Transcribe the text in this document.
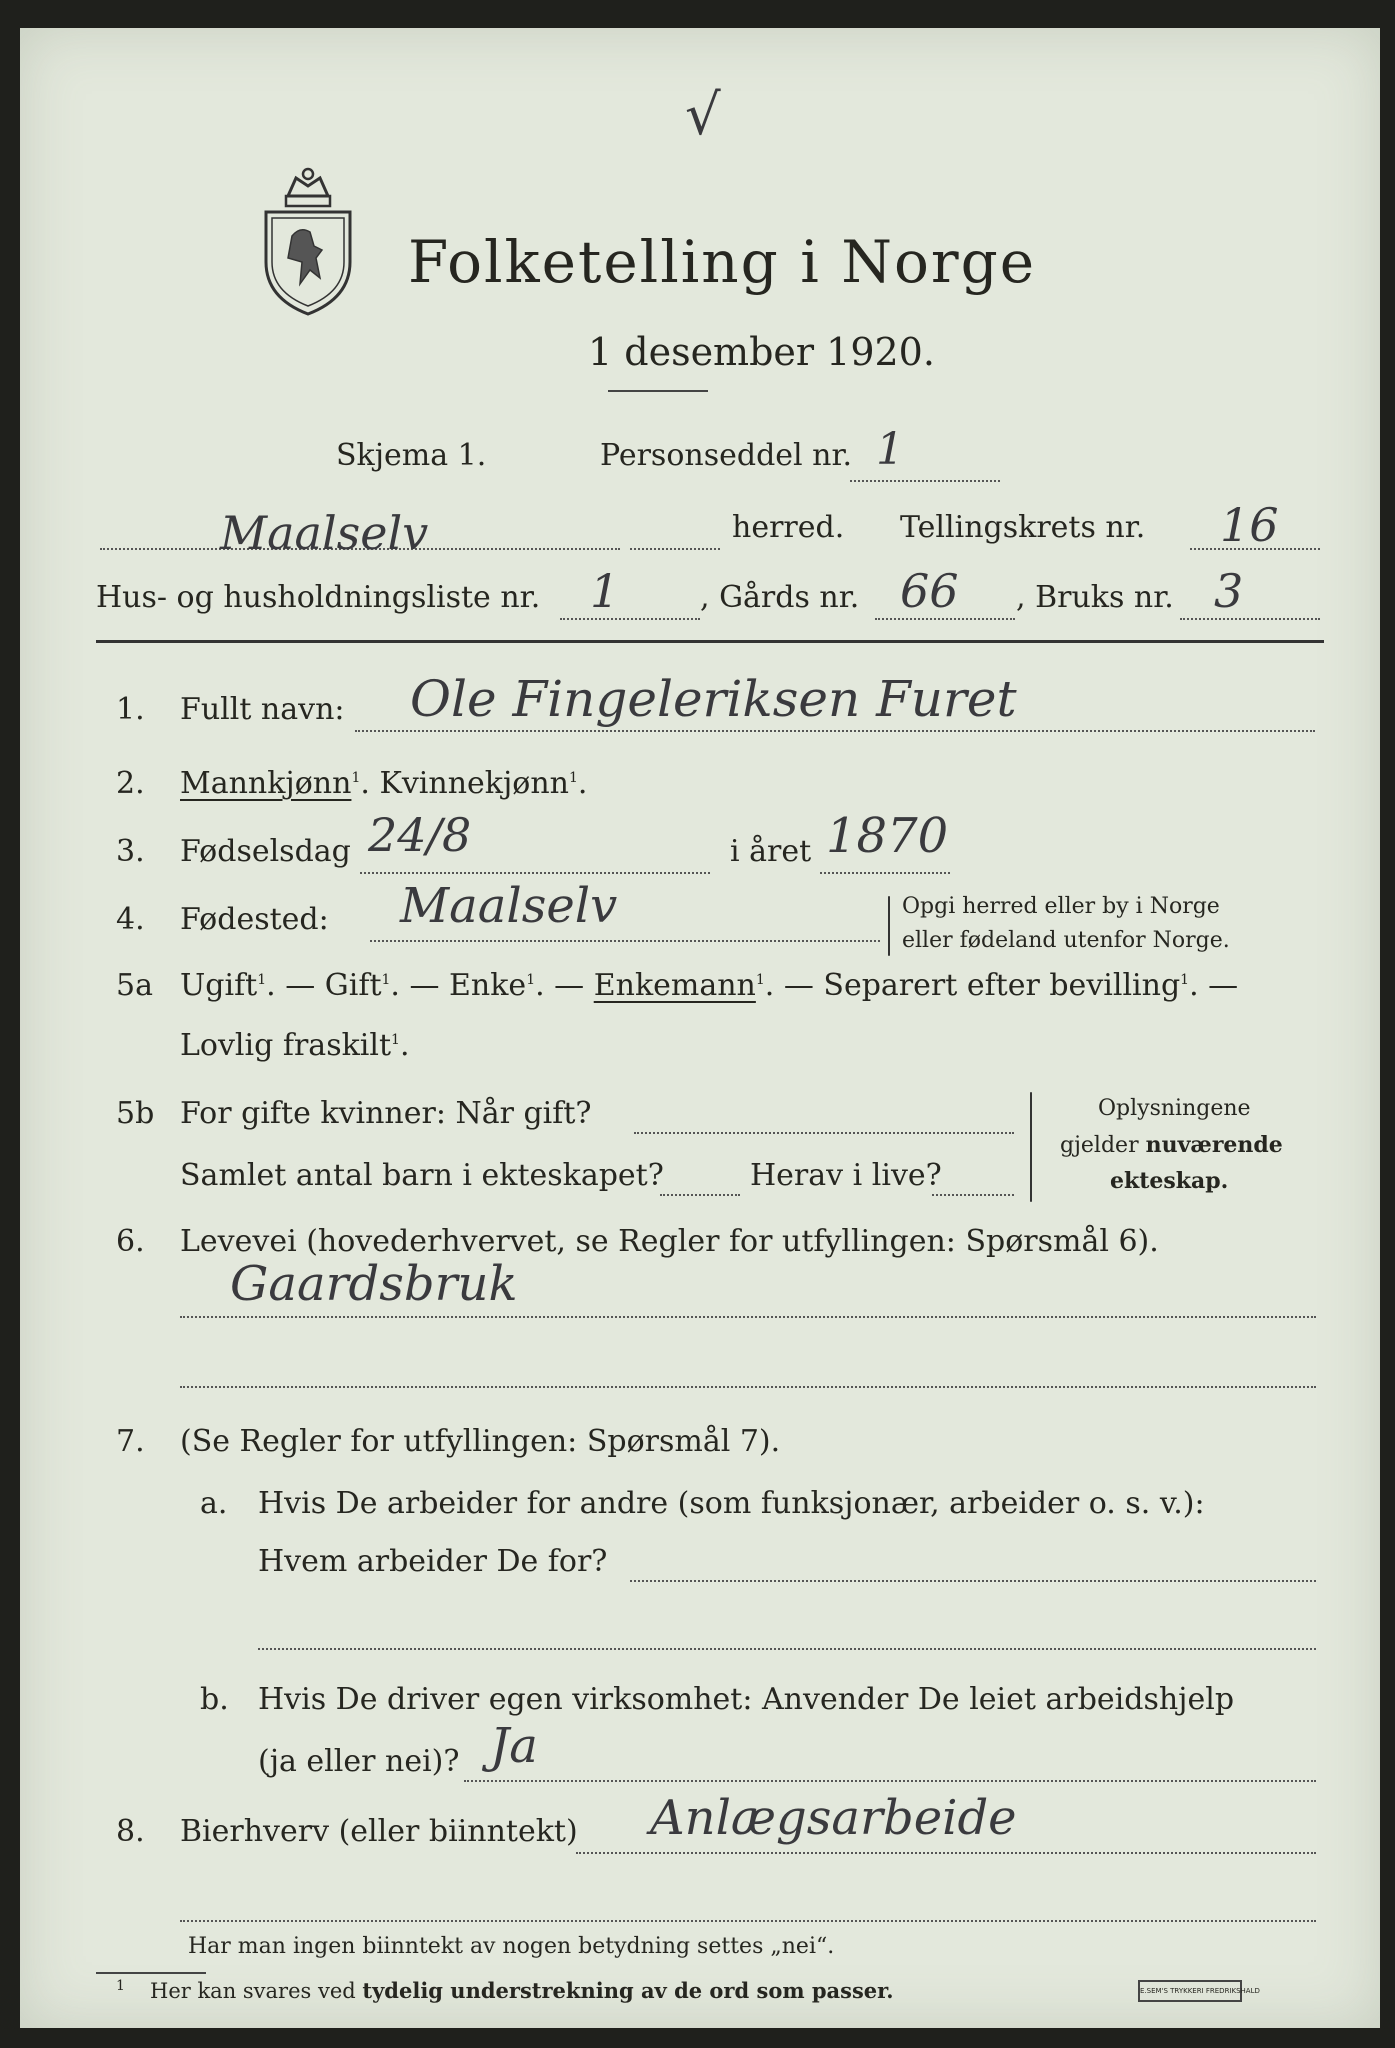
√
Folketelling i Norge
1 desember 1920.
Skjema 1.	Personseddel nr. 1
Maalselv	herred. Tellingskrets nr. 16
Hus- og husholdningsliste nr. 1	, Gårds nr. 66 , Bruks nr. 3
1. Fullt navn: Ole Fingeleriksen Furet
2. Mannkjønn$^1$. Kvinnekjønn$^1$.
3. Fødselsdag 24/8	i året 1870
4. Fødested: Maalselv	Opgi herred eller by i Norge
eller fødeland utenfor Norge.
5a Ugift$^1$. — Gift$^1$. — Enke$^1$. — Enkemann$^1$. — Separert efter bevilling$^1$. —
Lovlig fraskilt$^1$.
5b For gifte kvinner: Når gift?
Samlet antal barn i ekteskapet?	Herav i live?
Oplysningene
gjelder nuværende
ekteskap.
6. Levevei (hovederhvervet, se Regler for utfyllingen: Spørsmål 6).
Gaardsbruk
7. (Se Regler for utfyllingen: Spørsmål 7).
a. Hvis De arbeider for andre (som funksjonær, arbeider o. s. v.):
Hvem arbeider De for?
b. Hvis De driver egen virksomhet: Anvender De leiet arbeidshjelp
(ja eller nei)? Ja
8. Bierhverv (eller biinntekt) Anlægsarbeide
Har man ingen biinntekt av nogen betydning settes „nei“.
1 Her kan svares ved tydelig understrekning av de ord som passer.	E.SEM'S TRYKKERI FREDRIKSHALD
